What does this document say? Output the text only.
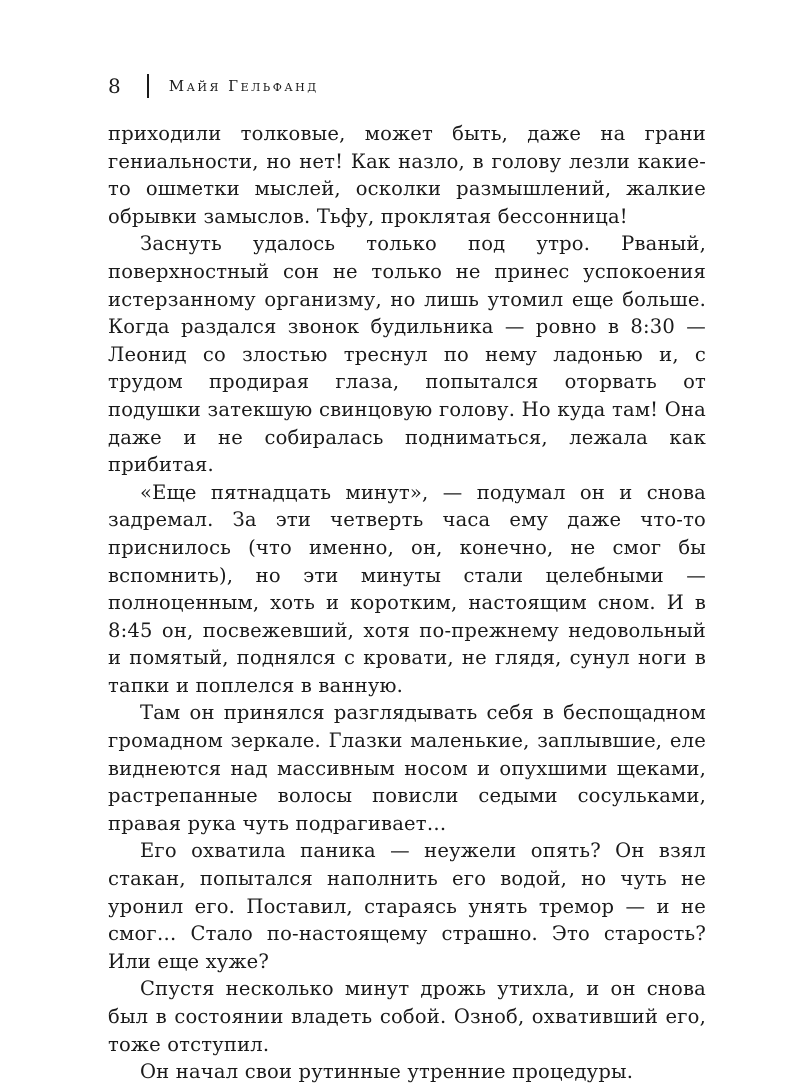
8	Майя Гельфанд

приходили толковые, может быть, даже на грани гениальности, но нет! Как назло, в голову лезли какие-то ошметки мыслей, осколки размышлений, жалкие обрывки замыслов. Тьфу, проклятая бессонница!

Заснуть удалось только под утро. Рваный, поверхностный сон не только не принес успокоения истерзанному организму, но лишь утомил еще больше. Когда раздался звонок будильника — ровно в 8:30 — Леонид со злостью треснул по нему ладонью и, с трудом продирая глаза, попытался оторвать от подушки затекшую свинцовую голову. Но куда там! Она даже и не собиралась подниматься, лежала как прибитая.

«Еще пятнадцать минут», — подумал он и снова задремал. За эти четверть часа ему даже что-то приснилось (что именно, он, конечно, не смог бы вспомнить), но эти минуты стали целебными — полноценным, хоть и коротким, настоящим сном. И в 8:45 он, посвежевший, хотя по-прежнему недовольный и помятый, поднялся с кровати, не глядя, сунул ноги в тапки и поплелся в ванную.

Там он принялся разглядывать себя в беспощадном громадном зеркале. Глазки маленькие, заплывшие, еле виднеются над массивным носом и опухшими щеками, растрепанные волосы повисли седыми сосульками, правая рука чуть подрагивает…

Его охватила паника — неужели опять? Он взял стакан, попытался наполнить его водой, но чуть не уронил его. Поставил, стараясь унять тремор — и не смог… Стало по-настоящему страшно. Это старость? Или еще хуже?

Спустя несколько минут дрожь утихла, и он снова был в состоянии владеть собой. Озноб, охвативший его, тоже отступил.

Он начал свои рутинные утренние процедуры.
